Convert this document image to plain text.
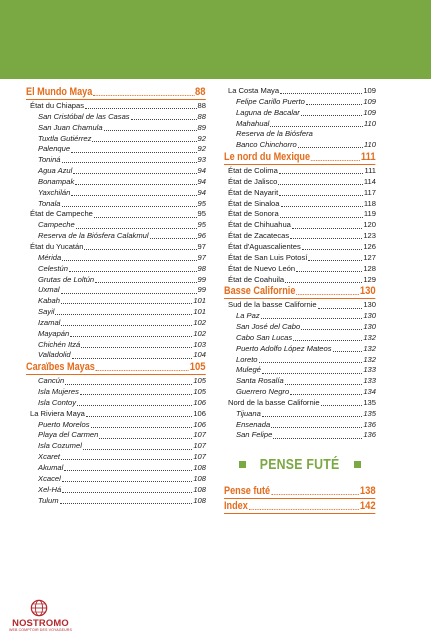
El Mundo Maya	88
État du Chiapas	88
San Cristóbal de las Casas	88
San Juan Chamula	89
Tuxtla Gutiérrez	92
Palenque	92
Toniná	93
Agua Azul	94
Bonampak	94
Yaxchilán	94
Tonala	95
État de Campeche	95
Campeche	95
Reserva de la Biósfera Calakmul	96
État du Yucatán	97
Mérida	97
Celestún	98
Grutas de Loltún	99
Uxmal	99
Kabah	101
Sayil	101
Izamal	102
Mayapán	102
Chichén Itzá	103
Valladolid	104
Caraïbes Mayas	105
Cancún	105
Isla Mujeres	105
Isla Contoy	106
La Riviera Maya	106
Puerto Morelos	106
Playa del Carmen	107
Isla Cozumel	107
Xcaret	107
Akumal	108
Xcacel	108
Xel-Há	108
Tulum	108
La Costa Maya	109
Felipe Carillo Puerto	109
Laguna de Bacalar	109
Mahahual	110
Reserva de la Biósfera
Banco Chinchorro	110
Le nord du Mexique	111
État de Colima	111
État de Jalisco	114
État de Nayarit	117
État de Sinaloa	118
État de Sonora	119
État de Chihuahua	120
État de Zacatecas	123
État d'Aguascalientes	126
État de San Luis Potosí	127
État de Nuevo León	128
État de Coahuila	129
Basse Californie	130
Sud de la basse Californie	130
La Paz	130
San José del Cabo	130
Cabo San Lucas	132
Puerto Adolfo López Mateos	132
Loreto	132
Mulegé	133
Santa Rosalía	133
Guerrero Negro	134
Nord de la basse Californie	135
Tijuana	135
Ensenada	136
San Felipe	136
PENSE FUTÉ
Pense futé	138
Index	142
NOSTROMO
WEB COMPTOIR DES VOYAGEURS
